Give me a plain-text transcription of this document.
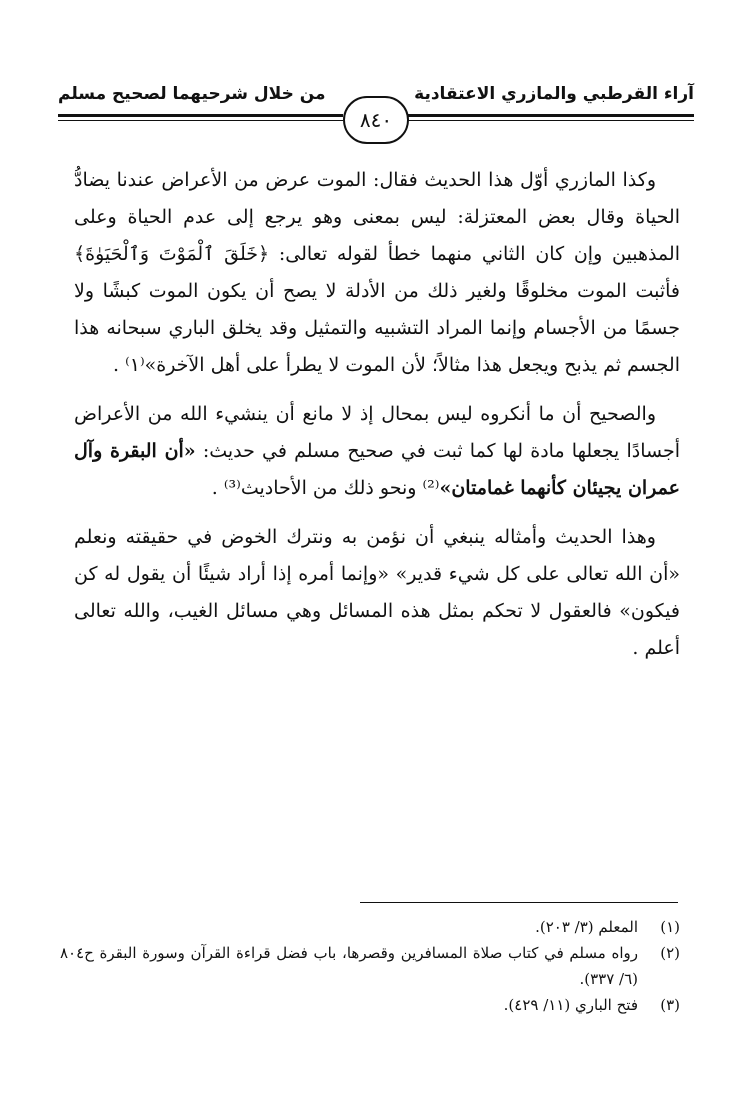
آراء القرطبي والمازري الاعتقادية
من خلال شرحيهما لصحيح مسلم
٨٤٠

وكذا المازري أوّل هذا الحديث فقال: الموت عرض من الأعراض عندنا يضادُّ الحياة وقال بعض المعتزلة: ليس بمعنى وهو يرجع إلى عدم الحياة وعلى المذهبين وإن كان الثاني منهما خطأ لقوله تعالى: ﴿خَلَقَ ٱلْمَوْتَ وَٱلْحَيَوٰةَ﴾ فأثبت الموت مخلوقًا ولغير ذلك من الأدلة لا يصح أن يكون الموت كبشًا ولا جسمًا من الأجسام وإنما المراد التشبيه والتمثيل وقد يخلق الباري سبحانه هذا الجسم ثم يذبح ويجعل هذا مثالاً؛ لأن الموت لا يطرأ على أهل الآخرة»⁽١⁾ .

والصحيح أن ما أنكروه ليس بمحال إذ لا مانع أن ينشيء الله من الأعراض أجسادًا يجعلها مادة لها كما ثبت في صحيح مسلم في حديث: «أن البقرة وآل عمران يجيئان كأنهما غمامتان»⁽²⁾ ونحو ذلك من الأحاديث⁽³⁾ .

وهذا الحديث وأمثاله ينبغي أن نؤمن به ونترك الخوض في حقيقته ونعلم «أن الله تعالى على كل شيء قدير» «وإنما أمره إذا أراد شيئًا أن يقول له كن فيكون» فالعقول لا تحكم بمثل هذه المسائل وهي مسائل الغيب، والله تعالى أعلم .

(١)
المعلم (٣/ ٢٠٣).
(٢)
رواه مسلم في كتاب صلاة المسافرين وقصرها، باب فضل قراءة القرآن وسورة البقرة ح٨٠٤ (٦/ ٣٣٧).
(٣)
فتح الباري (١١/ ٤٢٩).
